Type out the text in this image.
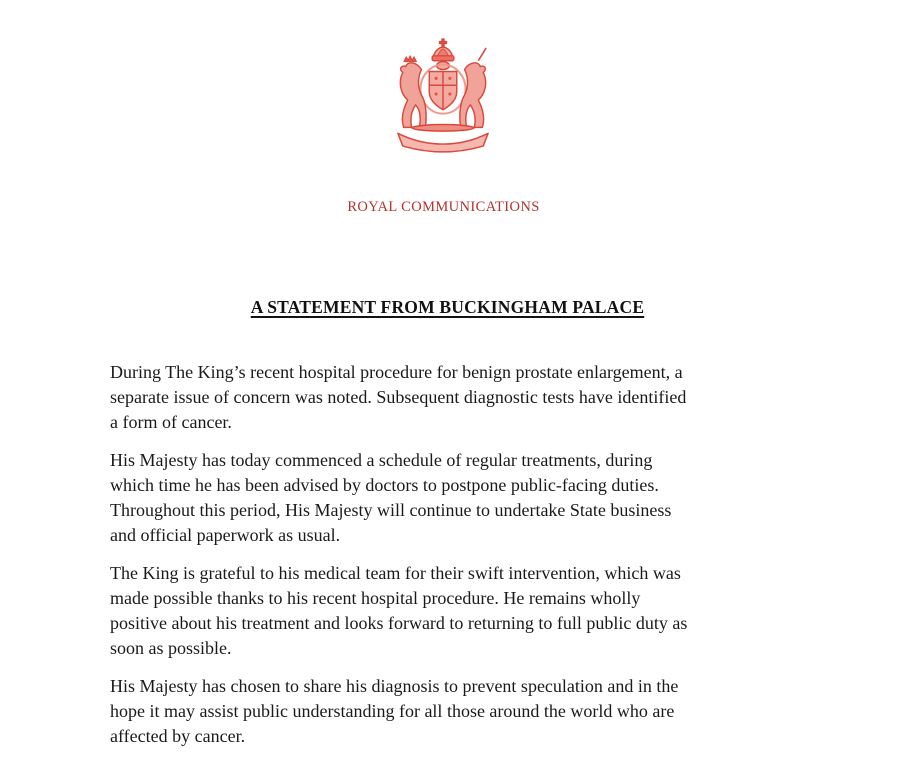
ROYAL COMMUNICATIONS
A STATEMENT FROM BUCKINGHAM PALACE
During The King’s recent hospital procedure for benign prostate enlargement, a
separate issue of concern was noted. Subsequent diagnostic tests have identified
a form of cancer.
His Majesty has today commenced a schedule of regular treatments, during
which time he has been advised by doctors to postpone public-facing duties.
Throughout this period, His Majesty will continue to undertake State business
and official paperwork as usual.
The King is grateful to his medical team for their swift intervention, which was
made possible thanks to his recent hospital procedure. He remains wholly
positive about his treatment and looks forward to returning to full public duty as
soon as possible.
His Majesty has chosen to share his diagnosis to prevent speculation and in the
hope it may assist public understanding for all those around the world who are
affected by cancer.
